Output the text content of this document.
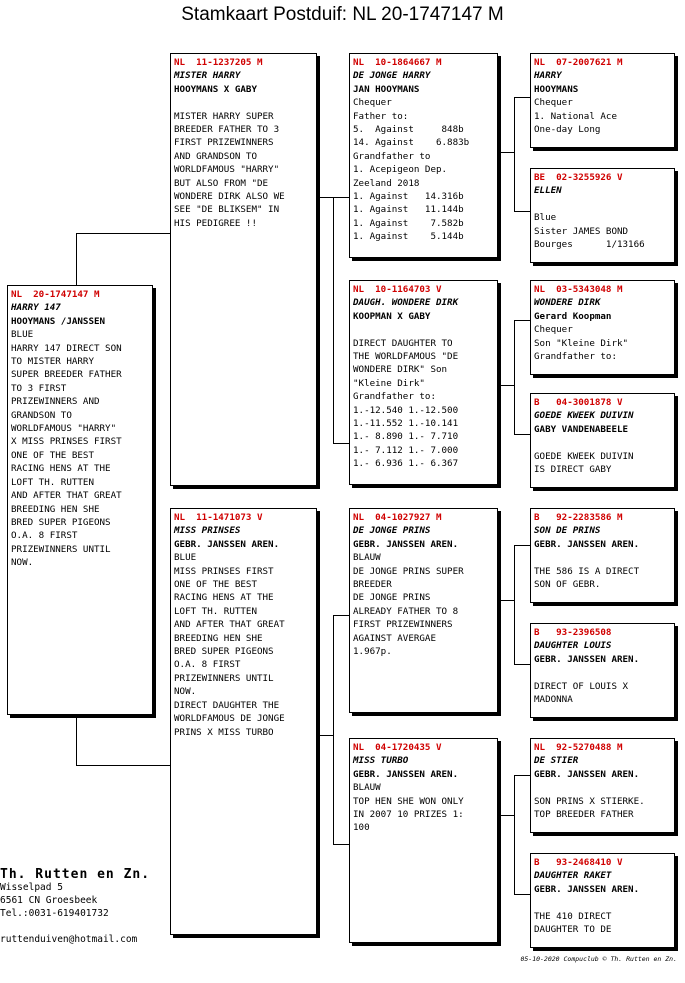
Stamkaart Postduif: NL 20-1747147 M
NL  20-1747147 M
HARRY 147
HOOYMANS /JANSSEN
BLUE
HARRY 147 DIRECT SON
TO MISTER HARRY
SUPER BREEDER FATHER
TO 3 FIRST
PRIZEWINNERS AND
GRANDSON TO
WORLDFAMOUS "HARRY"
X MISS PRINSES FIRST
ONE OF THE BEST
RACING HENS AT THE
LOFT TH. RUTTEN
AND AFTER THAT GREAT
BREEDING HEN SHE
BRED SUPER PIGEONS
O.A. 8 FIRST
PRIZEWINNERS UNTIL
NOW.
NL  11-1237205 M
MISTER HARRY
HOOYMANS X GABY
MISTER HARRY SUPER
BREEDER FATHER TO 3
FIRST PRIZEWINNERS
AND GRANDSON TO
WORLDFAMOUS "HARRY"
BUT ALSO FROM "DE
WONDERE DIRK ALSO WE
SEE "DE BLIKSEM" IN
HIS PEDIGREE !!
NL  11-1471073 V
MISS PRINSES
GEBR. JANSSEN AREN.
BLUE
MISS PRINSES FIRST
ONE OF THE BEST
RACING HENS AT THE
LOFT TH. RUTTEN
AND AFTER THAT GREAT
BREEDING HEN SHE
BRED SUPER PIGEONS
O.A. 8 FIRST
PRIZEWINNERS UNTIL
NOW.
DIRECT DAUGHTER THE
WORLDFAMOUS DE JONGE
PRINS X MISS TURBO
NL  10-1864667 M
DE JONGE HARRY
JAN HOOYMANS
Chequer
Father to:
5.  Against     848b
14. Against    6.883b
Grandfather to
1. Acepigeon Dep.
Zeeland 2018
1. Against   14.316b
1. Against   11.144b
1. Against    7.582b
1. Against    5.144b
NL  10-1164703 V
DAUGH. WONDERE DIRK
KOOPMAN X GABY
DIRECT DAUGHTER TO
THE WORLDFAMOUS "DE
WONDERE DIRK" Son
"Kleine Dirk"
Grandfather to:
1.-12.540 1.-12.500
1.-11.552 1.-10.141
1.- 8.890 1.- 7.710
1.- 7.112 1.- 7.000
1.- 6.936 1.- 6.367
NL  04-1027927 M
DE JONGE PRINS
GEBR. JANSSEN AREN.
BLAUW
DE JONGE PRINS SUPER
BREEDER
DE JONGE PRINS
ALREADY FATHER TO 8
FIRST PRIZEWINNERS
AGAINST AVERGAE
1.967p.
NL  04-1720435 V
MISS TURBO
GEBR. JANSSEN AREN.
BLAUW
TOP HEN SHE WON ONLY
IN 2007 10 PRIZES 1:
100
NL  07-2007621 M
HARRY
HOOYMANS
Chequer
1. National Ace
One-day Long
BE  02-3255926 V
ELLEN
Blue
Sister JAMES BOND
Bourges      1/13166
NL  03-5343048 M
WONDERE DIRK
Gerard Koopman
Chequer
Son "Kleine Dirk"
Grandfather to:
B   04-3001878 V
GOEDE KWEEK DUIVIN
GABY VANDENABEELE
GOEDE KWEEK DUIVIN
IS DIRECT GABY
B   92-2283586 M
SON DE PRINS
GEBR. JANSSEN AREN.
THE 586 IS A DIRECT
SON OF GEBR.
B   93-2396508
DAUGHTER LOUIS
GEBR. JANSSEN AREN.
DIRECT OF LOUIS X
MADONNA
NL  92-5270488 M
DE STIER
GEBR. JANSSEN AREN.
SON PRINS X STIERKE.
TOP BREEDER FATHER
B   93-2468410 V
DAUGHTER RAKET
GEBR. JANSSEN AREN.
THE 410 DIRECT
DAUGHTER TO DE
Th. Rutten en Zn.
Wisselpad 5
6561 CN Groesbeek
Tel.:0031-619401732
ruttenduiven@hotmail.com
05-10-2020 Compuclub © Th. Rutten en Zn.
